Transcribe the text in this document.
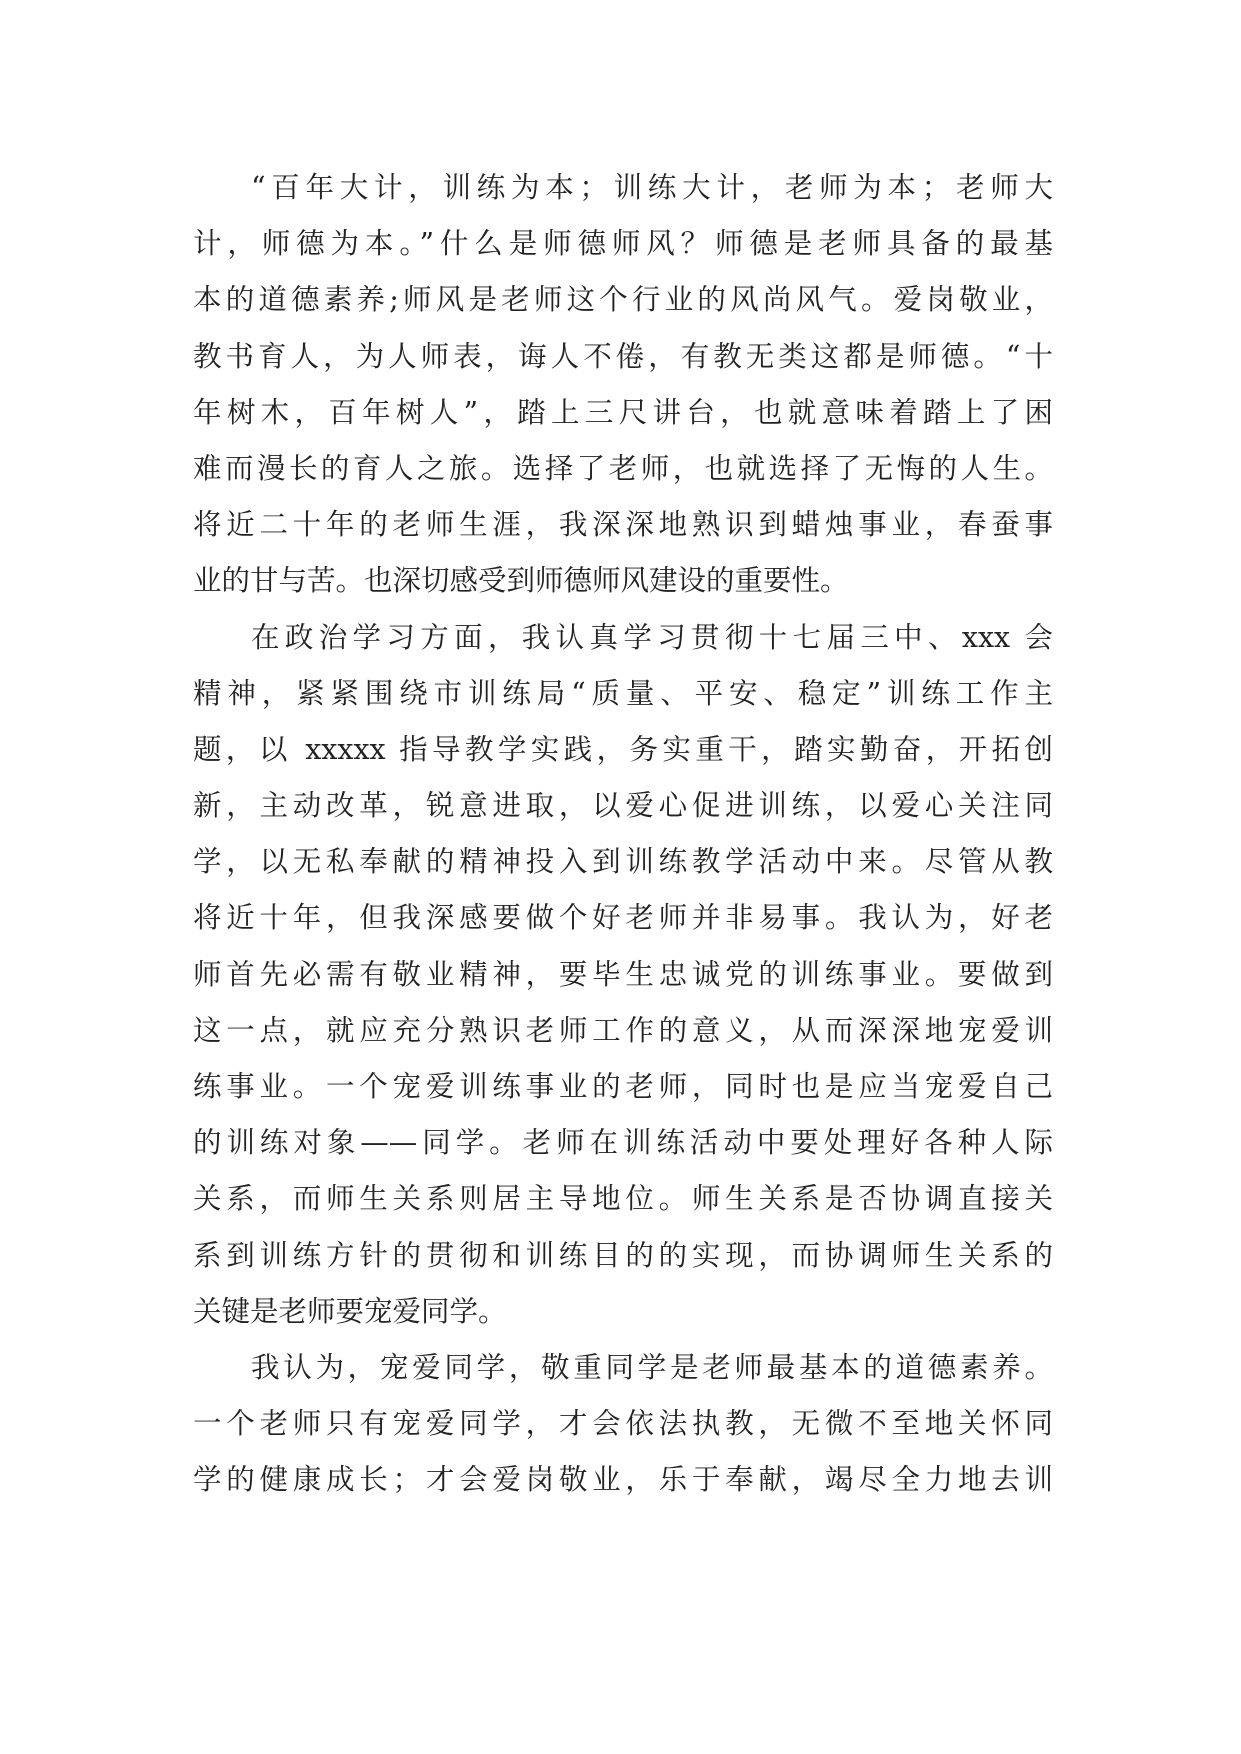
“百年大计，训练为本；训练大计，老师为本；老师大
计，师德为本。”什么是师德师风？师德是老师具备的最基
本的道德素养;师风是老师这个行业的风尚风气。爱岗敬业，
教书育人，为人师表，诲人不倦，有教无类这都是师德。“十
年树木，百年树人”，踏上三尺讲台，也就意味着踏上了困
难而漫长的育人之旅。选择了老师，也就选择了无悔的人生。
将近二十年的老师生涯，我深深地熟识到蜡烛事业，春蚕事
业的甘与苦。也深切感受到师德师风建设的重要性。
在政治学习方面，我认真学习贯彻十七届三中、xxx 会
精神，紧紧围绕市训练局“质量、平安、稳定”训练工作主
题，以 xxxxx 指导教学实践，务实重干，踏实勤奋，开拓创
新，主动改革，锐意进取，以爱心促进训练，以爱心关注同
学，以无私奉献的精神投入到训练教学活动中来。尽管从教
将近十年，但我深感要做个好老师并非易事。我认为，好老
师首先必需有敬业精神，要毕生忠诚党的训练事业。要做到
这一点，就应充分熟识老师工作的意义，从而深深地宠爱训
练事业。一个宠爱训练事业的老师，同时也是应当宠爱自己
的训练对象——同学。老师在训练活动中要处理好各种人际
关系，而师生关系则居主导地位。师生关系是否协调直接关
系到训练方针的贯彻和训练目的的实现，而协调师生关系的
关键是老师要宠爱同学。
我认为，宠爱同学，敬重同学是老师最基本的道德素养。
一个老师只有宠爱同学，才会依法执教，无微不至地关怀同
学的健康成长；才会爱岗敬业，乐于奉献，竭尽全力地去训
